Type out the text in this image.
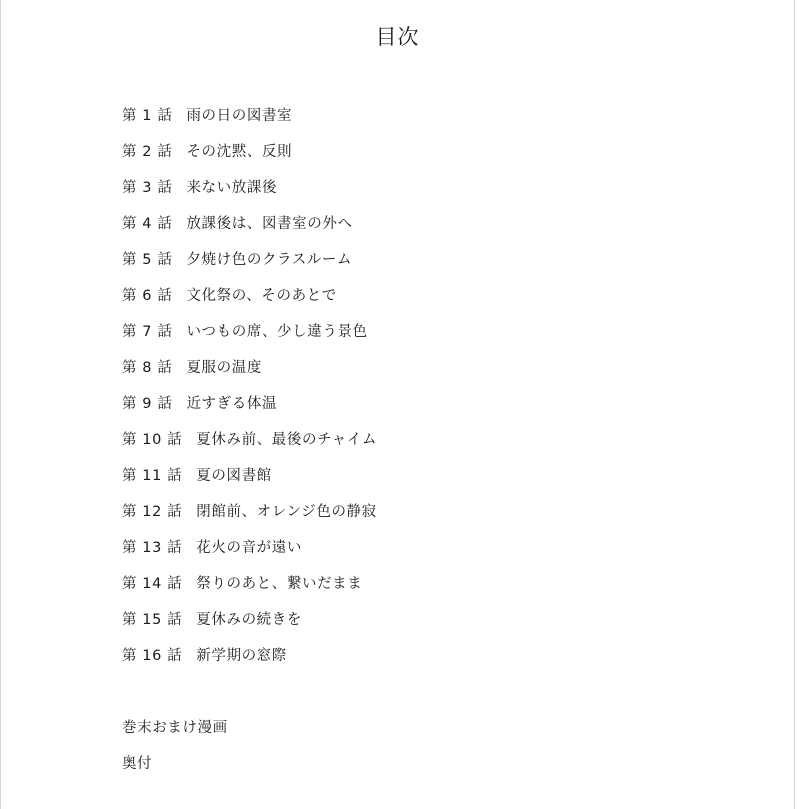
目次
第 1 話 雨の日の図書室
第 2 話 その沈黙、反則
第 3 話 来ない放課後
第 4 話 放課後は、図書室の外へ
第 5 話 夕焼け色のクラスルーム
第 6 話 文化祭の、そのあとで
第 7 話 いつもの席、少し違う景色
第 8 話 夏服の温度
第 9 話 近すぎる体温
第 10 話 夏休み前、最後のチャイム
第 11 話 夏の図書館
第 12 話 閉館前、オレンジ色の静寂
第 13 話 花火の音が遠い
第 14 話 祭りのあと、繋いだまま
第 15 話 夏休みの続きを
第 16 話 新学期の窓際
巻末おまけ漫画
奥付
